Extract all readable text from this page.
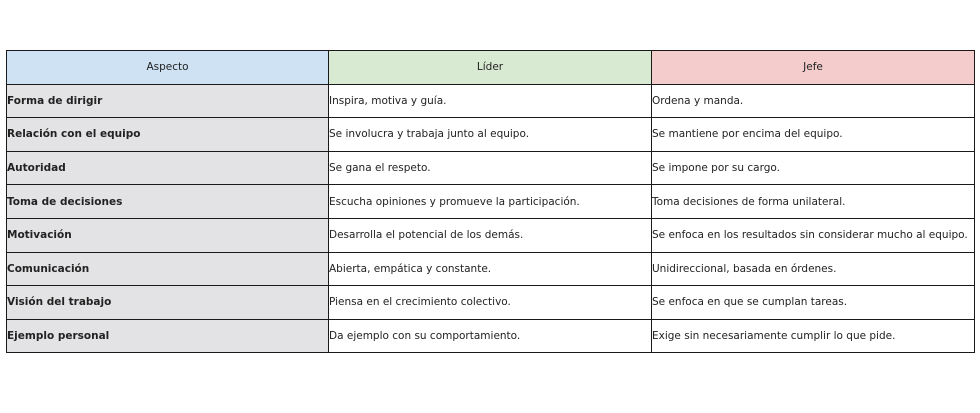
Aspecto	Líder	Jefe
Forma de dirigir	Inspira, motiva y guía.	Ordena y manda.
Relación con el equipo	Se involucra y trabaja junto al equipo.	Se mantiene por encima del equipo.
Autoridad	Se gana el respeto.	Se impone por su cargo.
Toma de decisiones	Escucha opiniones y promueve la participación.	Toma decisiones de forma unilateral.
Motivación	Desarrolla el potencial de los demás.	Se enfoca en los resultados sin considerar mucho al equipo.
Comunicación	Abierta, empática y constante.	Unidireccional, basada en órdenes.
Visión del trabajo	Piensa en el crecimiento colectivo.	Se enfoca en que se cumplan tareas.
Ejemplo personal	Da ejemplo con su comportamiento.	Exige sin necesariamente cumplir lo que pide.
